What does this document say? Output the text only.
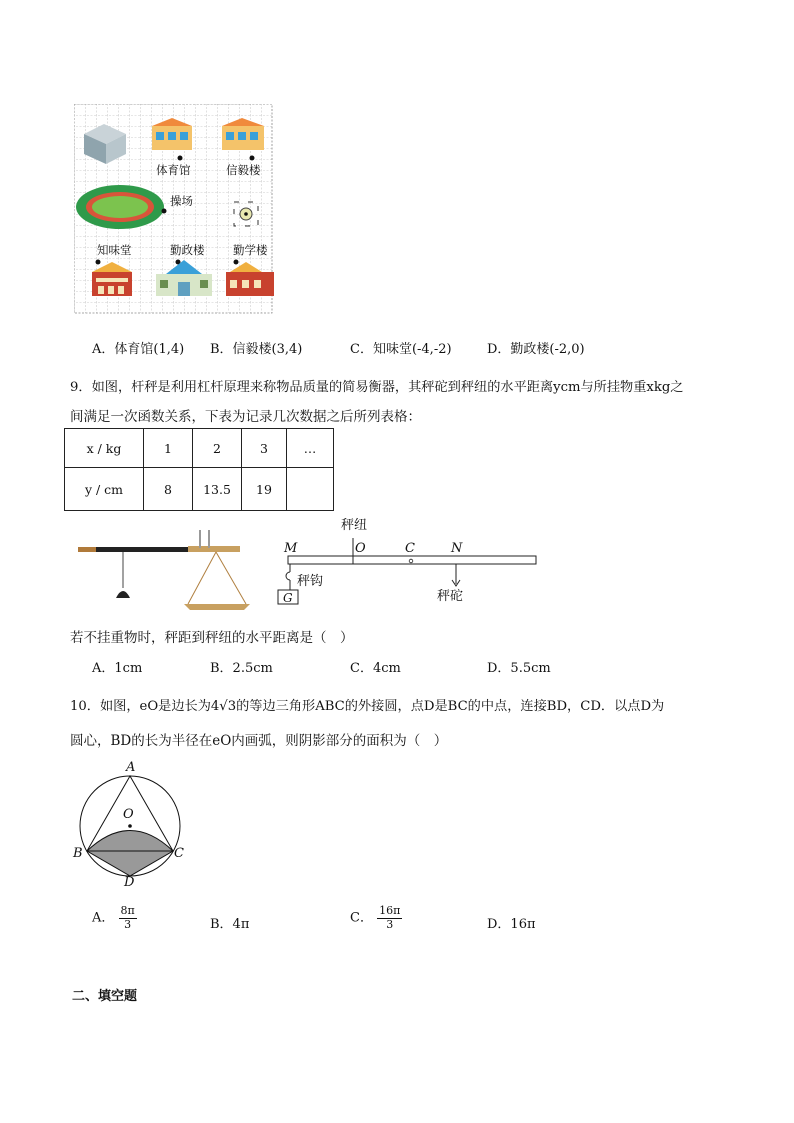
体育馆	信毅楼
操场
知味堂	勤政楼 勤学楼
A．体育馆(1,4) B．信毅楼(3,4)	C．知味堂(-4,-2)	D．勤政楼(-2,0)
9．如图，杆秤是利用杠杆原理来称物品质量的简易衡器，其秤砣到秤纽的水平距离ycm与所挂物重xkg之
间满足一次函数关系，下表为记录几次数据之后所列表格：
x / kg	1	2	3	…
y / cm	8	13.5	19	
秤纽
M	O	C	N
秤钩
G	秤砣
若不挂重物时，秤距到秤纽的水平距离是（　）
A．1cm	B．2.5cm	C．4cm	D．5.5cm
10．如图，eO是边长为4√3的等边三角形ABC的外接圆，点D是BC的中点，连接BD，CD．以点D为
圆心，BD的长为半径在eO内画弧，则阴影部分的面积为（　）
A
O
B	C
D
A． $\frac{8\pi}{3}$	B．4π	C． $\frac{16\pi}{3}$	D．16π
二、填空题
